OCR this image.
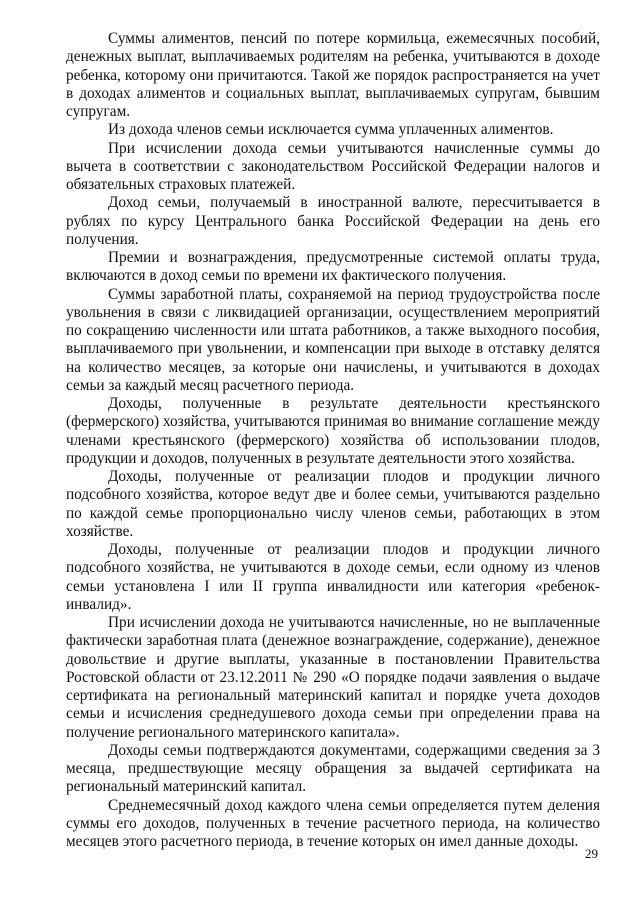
Суммы алиментов, пенсий по потере кормильца, ежемесячных пособий, денежных выплат, выплачиваемых родителям на ребенка, учитываются в доходе ребенка, которому они причитаются. Такой же порядок распространяется на учет в доходах алиментов и социальных выплат, выплачиваемых супругам, бывшим супругам.

Из дохода членов семьи исключается сумма уплаченных алиментов.

При исчислении дохода семьи учитываются начисленные суммы до вычета в соответствии с законодательством Российской Федерации налогов и обязательных страховых платежей.

Доход семьи, получаемый в иностранной валюте, пересчитывается в рублях по курсу Центрального банка Российской Федерации на день его получения.

Премии и вознаграждения, предусмотренные системой оплаты труда, включаются в доход семьи по времени их фактического получения.

Суммы заработной платы, сохраняемой на период трудоустройства после увольнения в связи с ликвидацией организации, осуществлением мероприятий по сокращению численности или штата работников, а также выходного пособия, выплачиваемого при увольнении, и компенсации при выходе в отставку делятся на количество месяцев, за которые они начислены, и учитываются в доходах семьи за каждый месяц расчетного периода.

Доходы, полученные в результате деятельности крестьянского (фермерского) хозяйства, учитываются принимая во внимание соглашение между членами крестьянского (фермерского) хозяйства об использовании плодов, продукции и доходов, полученных в результате деятельности этого хозяйства.

Доходы, полученные от реализации плодов и продукции личного подсобного хозяйства, которое ведут две и более семьи, учитываются раздельно по каждой семье пропорционально числу членов семьи, работающих в этом хозяйстве.

Доходы, полученные от реализации плодов и продукции личного подсобного хозяйства, не учитываются в доходе семьи, если одному из членов семьи установлена I или II группа инвалидности или категория «ребенок-инвалид».

При исчислении дохода не учитываются начисленные, но не выплаченные фактически заработная плата (денежное вознаграждение, содержание), денежное довольствие и другие выплаты, указанные в постановлении Правительства Ростовской области от 23.12.2011 № 290 «О порядке подачи заявления о выдаче сертификата на региональный материнский капитал и порядке учета доходов семьи и исчисления среднедушевого дохода семьи при определении права на получение регионального материнского капитала».

Доходы семьи подтверждаются документами, содержащими сведения за 3 месяца, предшествующие месяцу обращения за выдачей сертификата на региональный материнский капитал.

Среднемесячный доход каждого члена семьи определяется путем деления суммы его доходов, полученных в течение расчетного периода, на количество месяцев этого расчетного периода, в течение которых он имел данные доходы.

29
